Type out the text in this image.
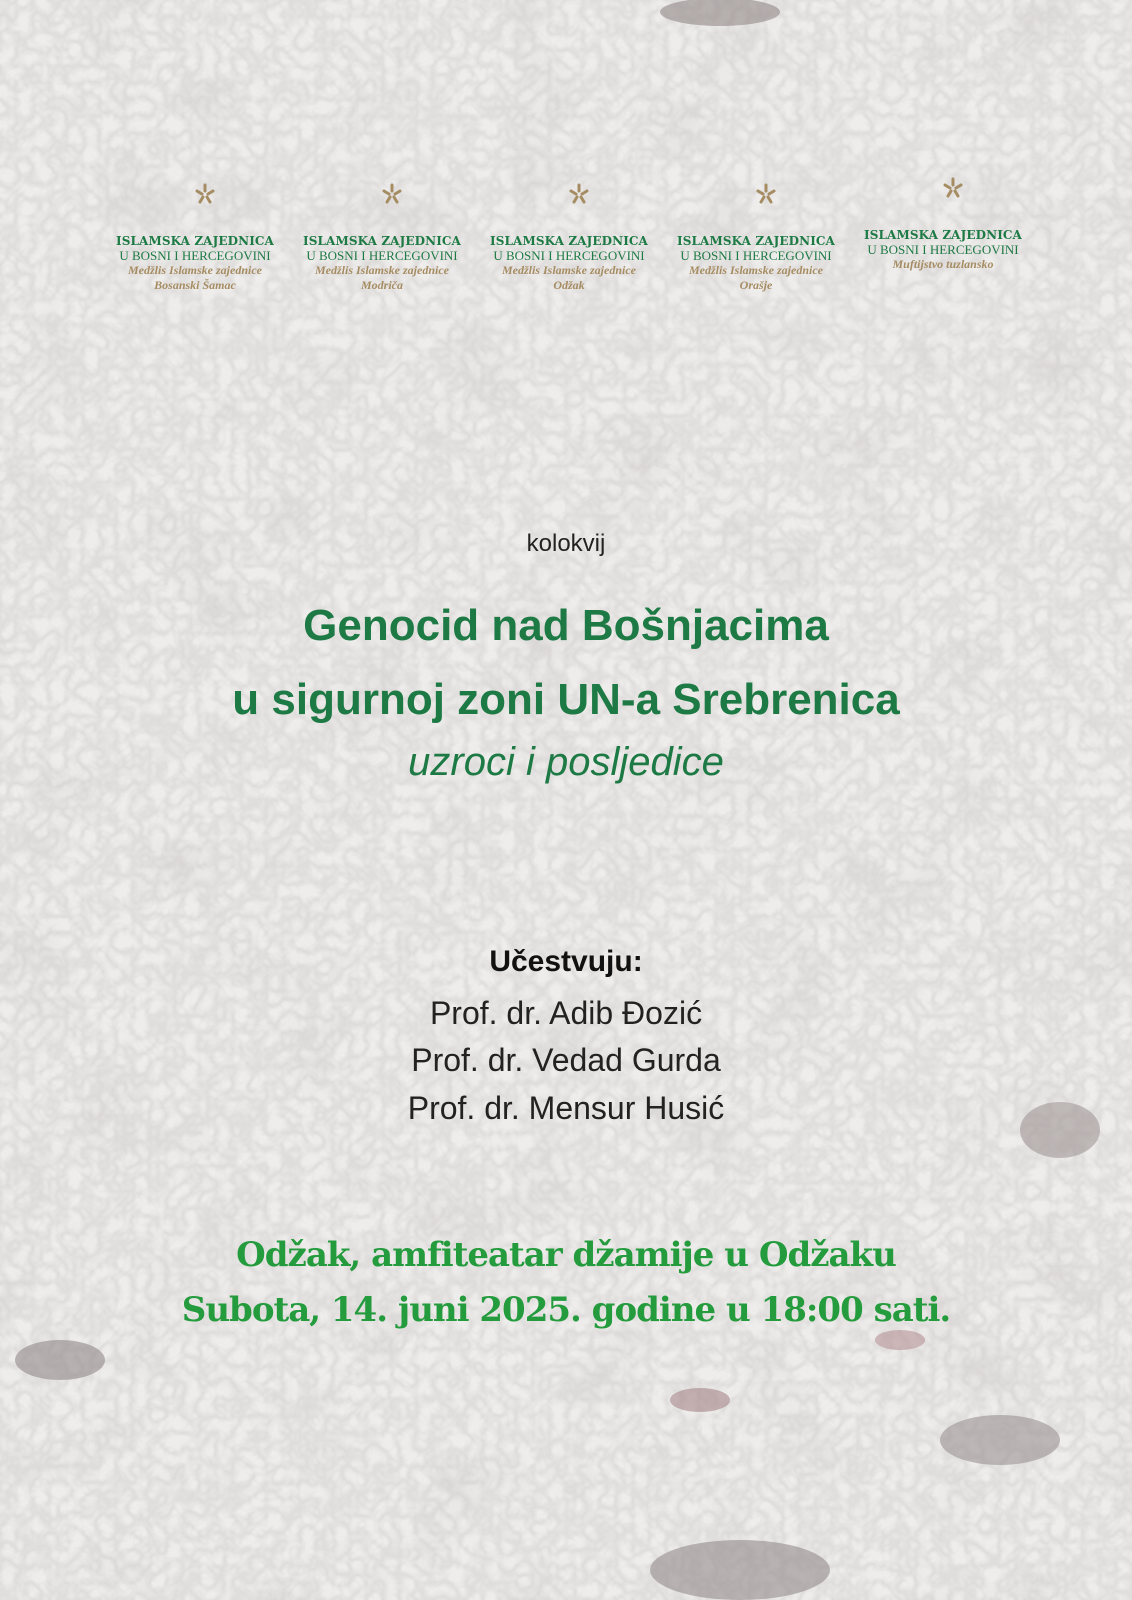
ISLAMSKA ZAJEDNICA
U BOSNI I HERCEGOVINI
Medžlis Islamske zajednice
Bosanski Šamac
ISLAMSKA ZAJEDNICA
U BOSNI I HERCEGOVINI
Medžlis Islamske zajednice
Modriča
ISLAMSKA ZAJEDNICA
U BOSNI I HERCEGOVINI
Medžlis Islamske zajednice
Odžak
ISLAMSKA ZAJEDNICA
U BOSNI I HERCEGOVINI
Medžlis Islamske zajednice
Orašje
ISLAMSKA ZAJEDNICA
U BOSNI I HERCEGOVINI
Muftijstvo tuzlansko
kolokvij
Genocid nad Bošnjacima
u sigurnoj zoni UN-a Srebrenica
uzroci i posljedice
Učestvuju:
Prof. dr. Adib Đozić
Prof. dr. Vedad Gurda
Prof. dr. Mensur Husić
Odžak, amfiteatar džamije u Odžaku
Subota, 14. juni 2025. godine u 18:00 sati.
